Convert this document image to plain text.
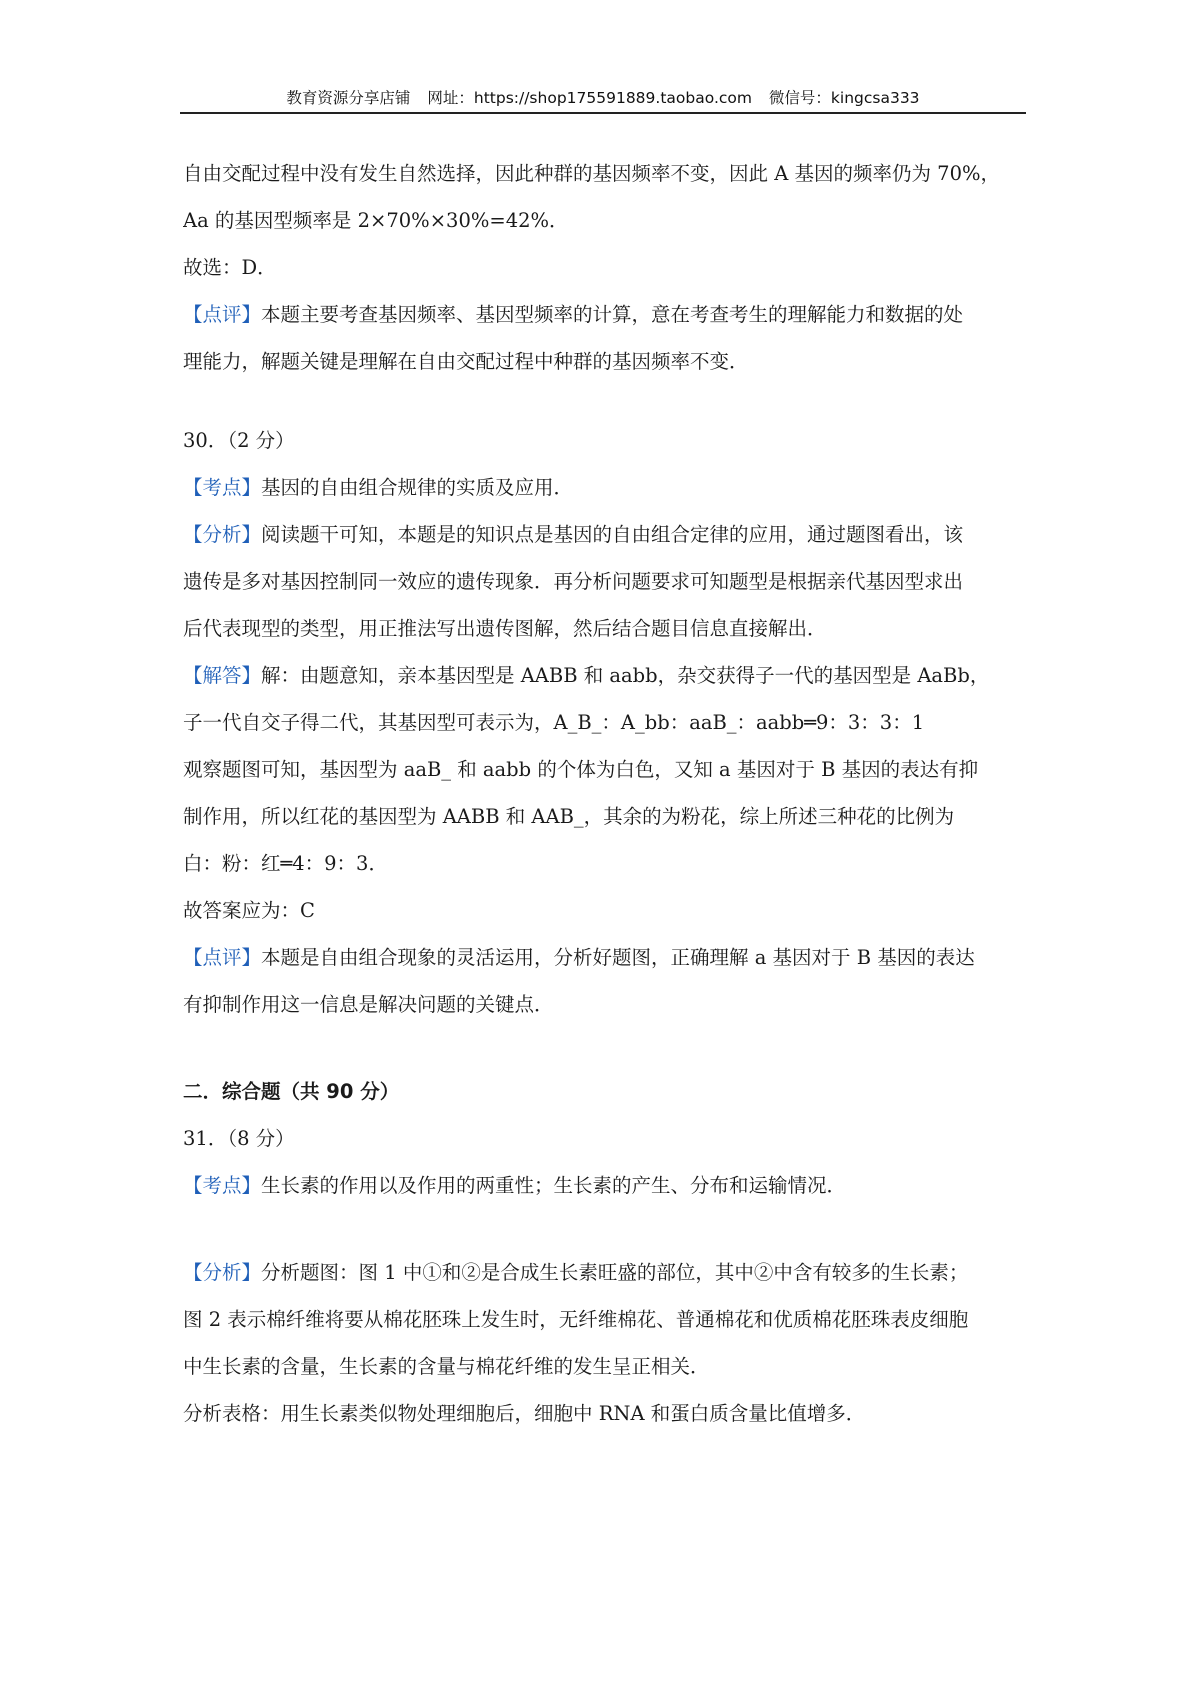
教育资源分享店铺 网址：https://shop175591889.taobao.com 微信号：kingcsa333
自由交配过程中没有发生自然选择，因此种群的基因频率不变，因此 A 基因的频率仍为 70%，
Aa 的基因型频率是 2×70%×30%=42%．
故选：D．
【点评】本题主要考查基因频率、基因型频率的计算，意在考查考生的理解能力和数据的处
理能力，解题关键是理解在自由交配过程中种群的基因频率不变．
30．（2 分）
【考点】基因的自由组合规律的实质及应用．
【分析】阅读题干可知，本题是的知识点是基因的自由组合定律的应用，通过题图看出，该
遗传是多对基因控制同一效应的遗传现象．再分析问题要求可知题型是根据亲代基因型求出
后代表现型的类型，用正推法写出遗传图解，然后结合题目信息直接解出．
【解答】解：由题意知，亲本基因型是 AABB 和 aabb，杂交获得子一代的基因型是 AaBb，
子一代自交子得二代，其基因型可表示为，A_B_：A_bb：aaB_：aabb═9：3：3：1
观察题图可知，基因型为 aaB_ 和 aabb 的个体为白色，又知 a 基因对于 B 基因的表达有抑
制作用，所以红花的基因型为 AABB 和 AAB_，其余的为粉花，综上所述三种花的比例为
白：粉：红═4：9：3．
故答案应为：C
【点评】本题是自由组合现象的灵活运用，分析好题图，正确理解 a 基因对于 B 基因的表达
有抑制作用这一信息是解决问题的关键点．
二．综合题（共 90 分）
31．（8 分）
【考点】生长素的作用以及作用的两重性；生长素的产生、分布和运输情况．
【分析】分析题图：图 1 中①和②是合成生长素旺盛的部位，其中②中含有较多的生长素；
图 2 表示棉纤维将要从棉花胚珠上发生时，无纤维棉花、普通棉花和优质棉花胚珠表皮细胞
中生长素的含量，生长素的含量与棉花纤维的发生呈正相关．
分析表格：用生长素类似物处理细胞后，细胞中 RNA 和蛋白质含量比值增多．
